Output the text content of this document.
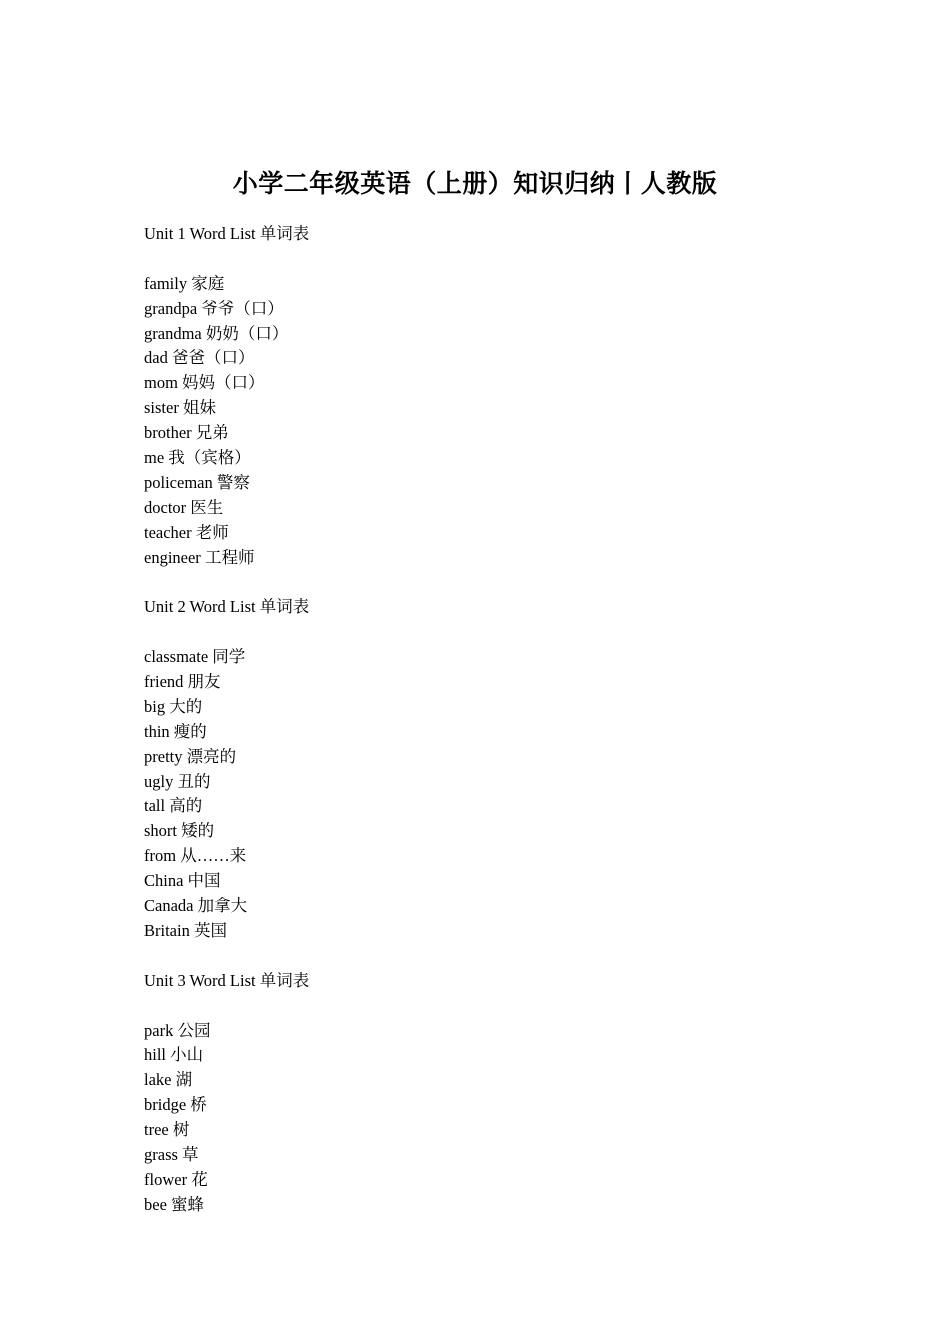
小学二年级英语（上册）知识归纳丨人教版

Unit 1 Word List 单词表

family 家庭
grandpa 爷爷（口）
grandma 奶奶（口）
dad 爸爸（口）
mom 妈妈（口）
sister 姐妹
brother 兄弟
me 我（宾格）
policeman 警察
doctor 医生
teacher 老师
engineer 工程师

Unit 2 Word List 单词表

classmate 同学
friend 朋友
big 大的
thin 瘦的
pretty 漂亮的
ugly 丑的
tall 高的
short 矮的
from 从……来
China 中国
Canada 加拿大
Britain 英国

Unit 3 Word List 单词表

park 公园
hill 小山
lake 湖
bridge 桥
tree 树
grass 草
flower 花
bee 蜜蜂
